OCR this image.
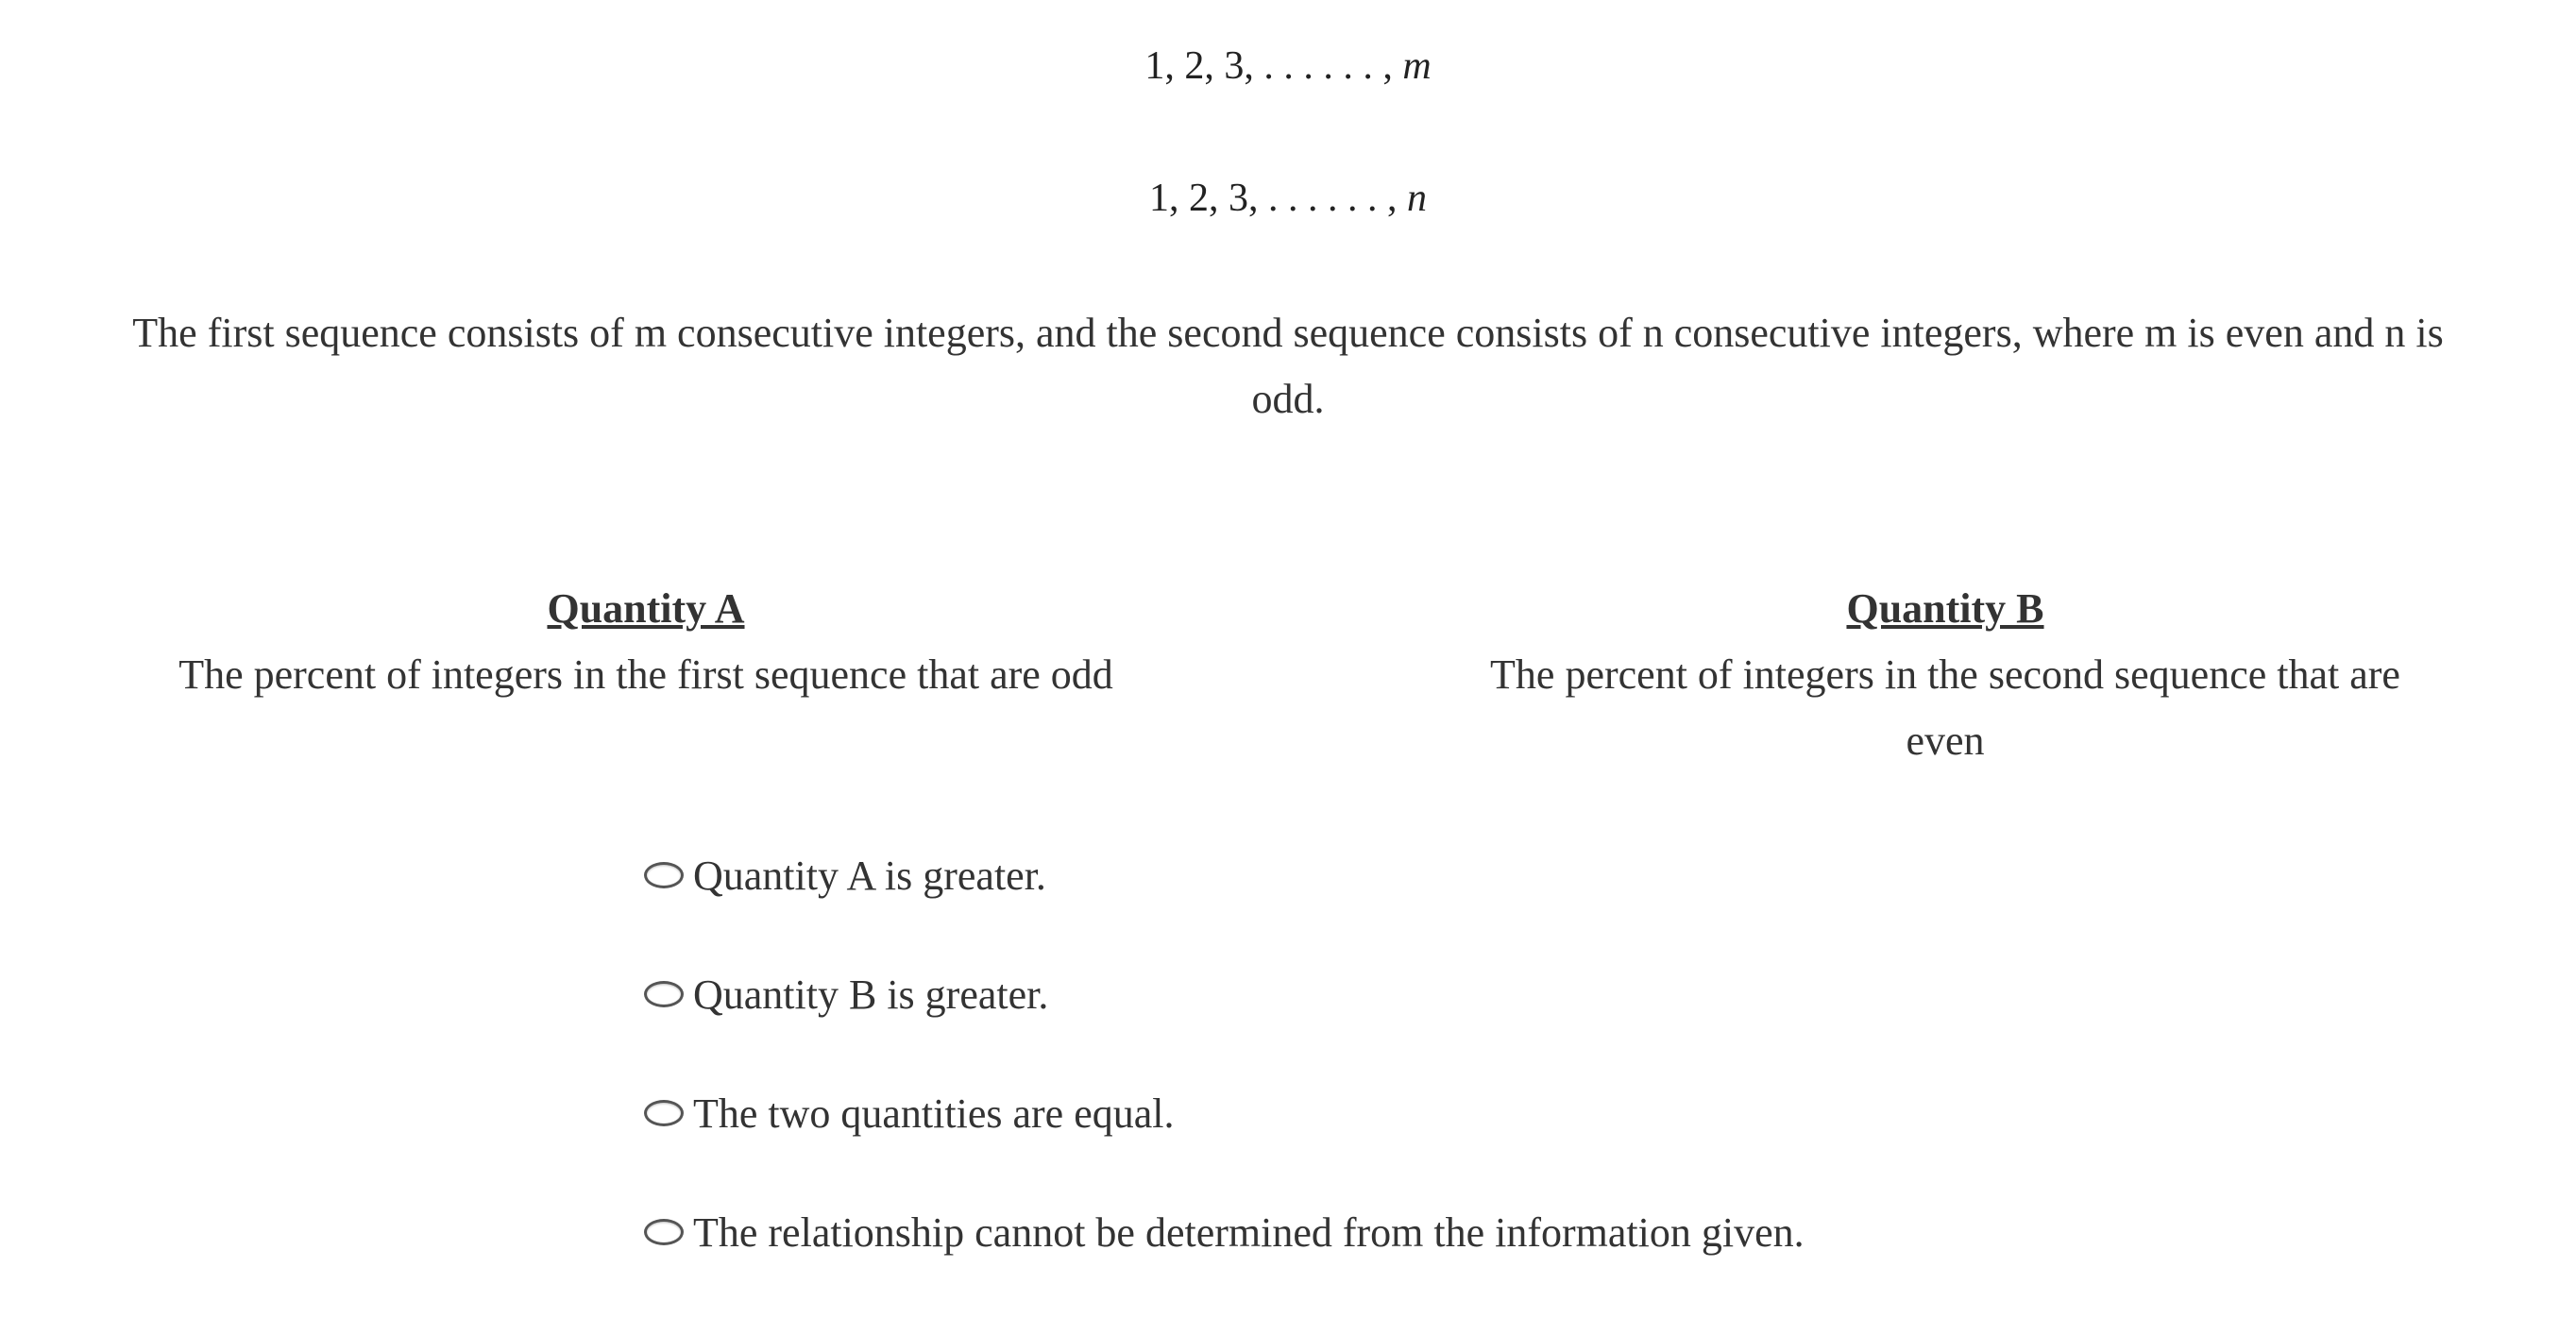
1, 2, 3, . . . . . . , m
1, 2, 3, . . . . . . , n
The first sequence consists of m consecutive integers, and the second sequence consists of n consecutive integers, where m is even and n is odd.
Quantity A
The percent of integers in the first sequence that are odd
Quantity B
The percent of integers in the second sequence that are even
Quantity A is greater.
Quantity B is greater.
The two quantities are equal.
The relationship cannot be determined from the information given.
